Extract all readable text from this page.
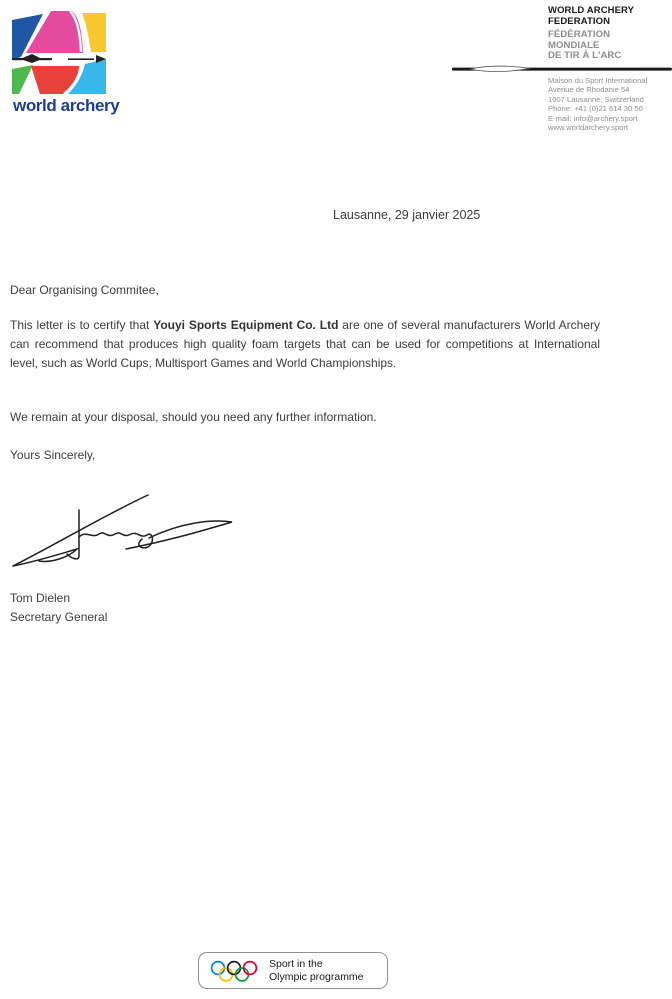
world archery
WORLD ARCHERY
FEDERATION
FÉDÉRATION
MONDIALE
DE TIR À L'ARC
Maison du Sport International
Avenue de Rhodanie 54
1007 Lausanne, Switzerland
Phone: +41 (0)21 614 30 50
E-mail: info@archery.sport
www.worldarchery.sport
Lausanne, 29 janvier 2025
Dear Organising Commitee,

This letter is to certify that Youyi Sports Equipment Co. Ltd are one of several manufacturers World Archery can recommend that produces high quality foam targets that can be used for competitions at International level, such as World Cups, Multisport Games and World Championships.

We remain at your disposal, should you need any further information.
Yours Sincerely,
Tom Dielen
Secretary General
Sport in the
Olympic programme
